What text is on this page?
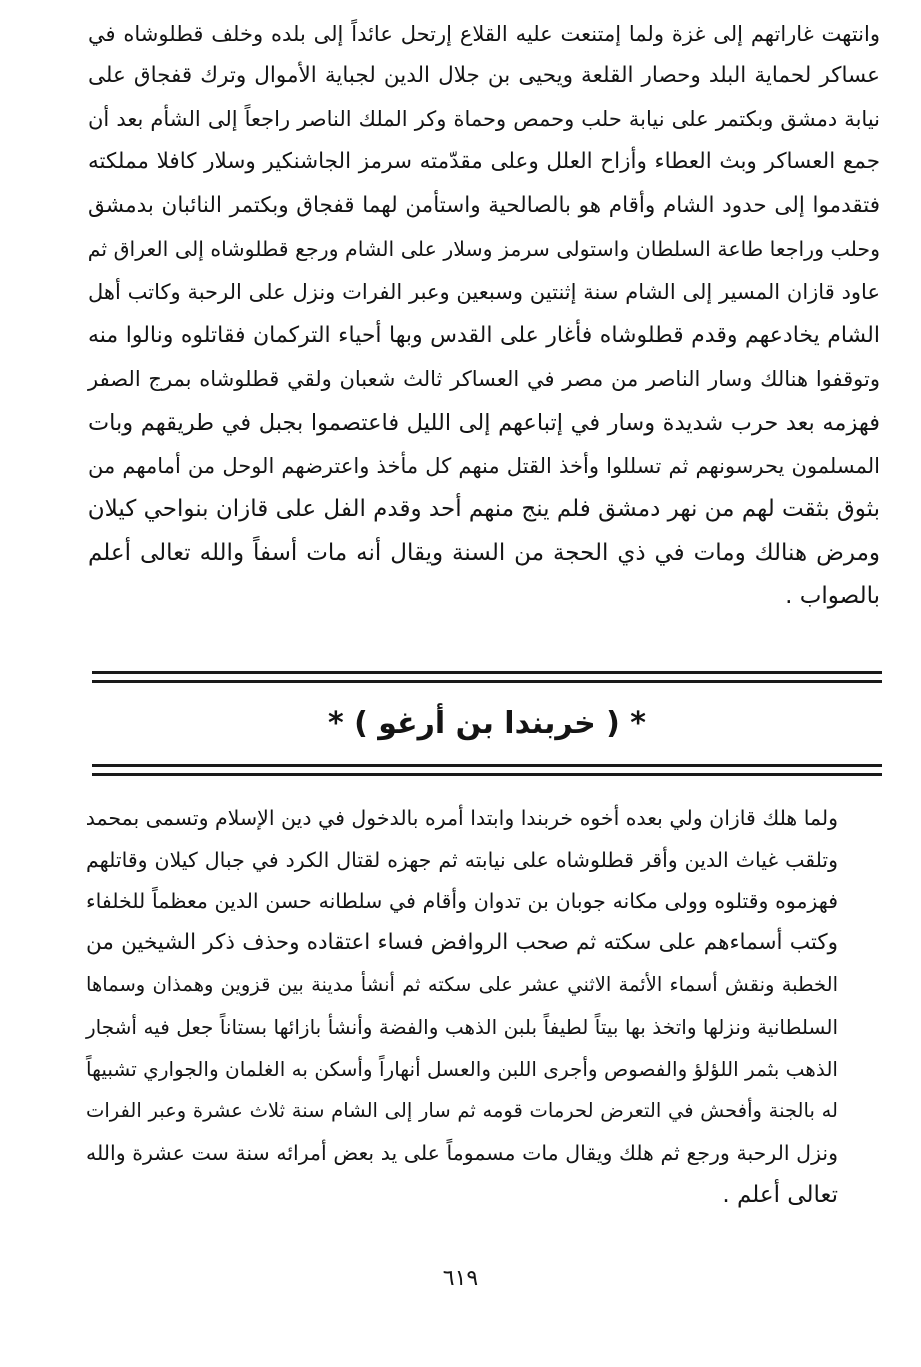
وانتهت غاراتهم إلى غزة ولما إمتنعت عليه القلاع إرتحل عائداً إلى بلده وخلف قطلوشاه في
عساكر لحماية البلد وحصار القلعة ويحيى بن جلال الدين لجباية الأموال وترك قفجاق على
نيابة دمشق وبكتمر على نيابة حلب وحمص وحماة وكر الملك الناصر راجعاً إلى الشأم بعد أن
جمع العساكر وبث العطاء وأزاح العلل وعلى مقدّمته سرمز الجاشنكير وسلار كافلا مملكته
فتقدموا إلى حدود الشام وأقام هو بالصالحية واستأمن لهما قفجاق وبكتمر النائبان بدمشق
وحلب وراجعا طاعة السلطان واستولى سرمز وسلار على الشام ورجع قطلوشاه إلى العراق ثم
عاود قازان المسير إلى الشام سنة إثنتين وسبعين وعبر الفرات ونزل على الرحبة وكاتب أهل
الشام يخادعهم وقدم قطلوشاه فأغار على القدس وبها أحياء التركمان فقاتلوه ونالوا منه
وتوقفوا هنالك وسار الناصر من مصر في العساكر ثالث شعبان ولقي قطلوشاه بمرج الصفر
فهزمه بعد حرب شديدة وسار في إتباعهم إلى الليل فاعتصموا بجبل في طريقهم وبات
المسلمون يحرسونهم ثم تسللوا وأخذ القتل منهم كل مأخذ واعترضهم الوحل من أمامهم من
بثوق بثقت لهم من نهر دمشق فلم ينج منهم أحد وقدم الفل على قازان بنواحي كيلان
ومرض هنالك ومات في ذي الحجة من السنة ويقال أنه مات أسفاً والله تعالى أعلم
بالصواب .
* ( خربندا بن أرغو ) *
ولما هلك قازان ولي بعده أخوه خربندا وابتدا أمره بالدخول في دين الإسلام وتسمى بمحمد
وتلقب غياث الدين وأقر قطلوشاه على نيابته ثم جهزه لقتال الكرد في جبال كيلان وقاتلهم
فهزموه وقتلوه وولى مكانه جوبان بن تدوان وأقام في سلطانه حسن الدين معظماً للخلفاء
وكتب أسماءهم على سكته ثم صحب الروافض فساء اعتقاده وحذف ذكر الشيخين من
الخطبة ونقش أسماء الأئمة الاثني عشر على سكته ثم أنشأ مدينة بين قزوين وهمذان وسماها
السلطانية ونزلها واتخذ بها بيتاً لطيفاً بلبن الذهب والفضة وأنشأ بازائها بستاناً جعل فيه أشجار
الذهب بثمر اللؤلؤ والفصوص وأجرى اللبن والعسل أنهاراً وأسكن به الغلمان والجواري تشبيهاً
له بالجنة وأفحش في التعرض لحرمات قومه ثم سار إلى الشام سنة ثلاث عشرة وعبر الفرات
ونزل الرحبة ورجع ثم هلك ويقال مات مسموماً على يد بعض أمرائه سنة ست عشرة والله
تعالى أعلم .
٦١٩
